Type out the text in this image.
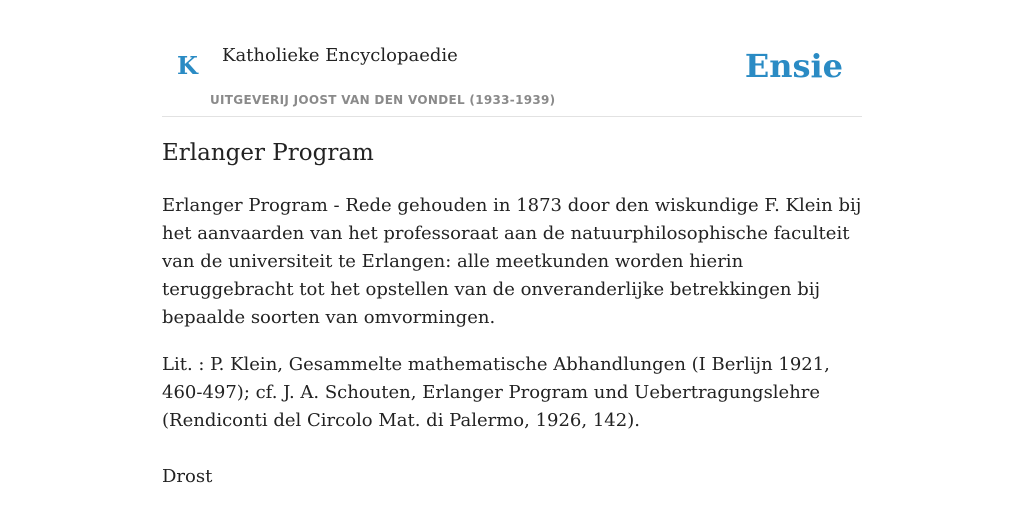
K Katholieke Encyclopaedie
UITGEVERIJ JOOST VAN DEN VONDEL (1933-1939)
Ensie
Erlanger Program

Erlanger Program - Rede gehouden in 1873 door den wiskundige F. Klein bij het aanvaarden van het professoraat aan de natuurphilosophische faculteit van de universiteit te Erlangen: alle meetkunden worden hierin teruggebracht tot het opstellen van de onveranderlijke betrekkingen bij bepaalde soorten van omvormingen.

Lit. : P. Klein, Gesammelte mathematische Abhandlungen (I Berlijn 1921, 460-497); cf. J. A. Schouten, Erlanger Program und Uebertragungslehre (Rendiconti del Circolo Mat. di Palermo, 1926, 142).

Drost
